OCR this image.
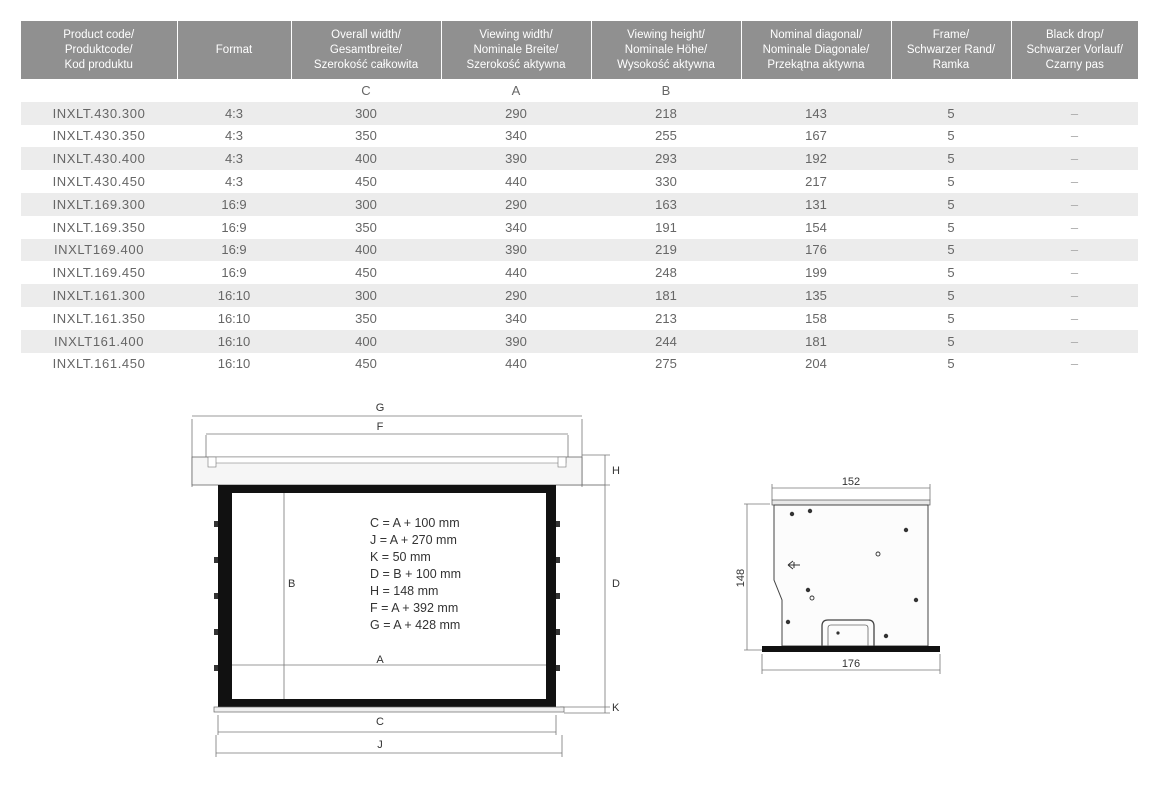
Product code/
Produktcode/
Kod produktu	Format	Overall width/
Gesamtbreite/
Szerokość całkowita	Viewing width/
Nominale Breite/
Szerokość aktywna	Viewing height/
Nominale Höhe/
Wysokość aktywna	Nominal diagonal/
Nominale Diagonale/
Przekątna aktywna	Frame/
Schwarzer Rand/
Ramka	Black drop/
Schwarzer Vorlauf/
Czarny pas
		C	A	B			
INXLT.430.300	4:3	300	290	218	143	5	–
INXLT.430.350	4:3	350	340	255	167	5	–
INXLT.430.400	4:3	400	390	293	192	5	–
INXLT.430.450	4:3	450	440	330	217	5	–
INXLT.169.300	16:9	300	290	163	131	5	–
INXLT.169.350	16:9	350	340	191	154	5	–
INXLT169.400	16:9	400	390	219	176	5	–
INXLT.169.450	16:9	450	440	248	199	5	–
INXLT.161.300	16:10	300	290	181	135	5	–
INXLT.161.350	16:10	350	340	213	158	5	–
INXLT161.400	16:10	400	390	244	181	5	–
INXLT.161.450	16:10	450	440	275	204	5	–
G
F
H
D
K
B
A
C
J
C = A + 100 mm
J = A + 270 mm
K = 50 mm
D = B + 100 mm
H = 148 mm
F = A + 392 mm
G = A + 428 mm
152
176
148
